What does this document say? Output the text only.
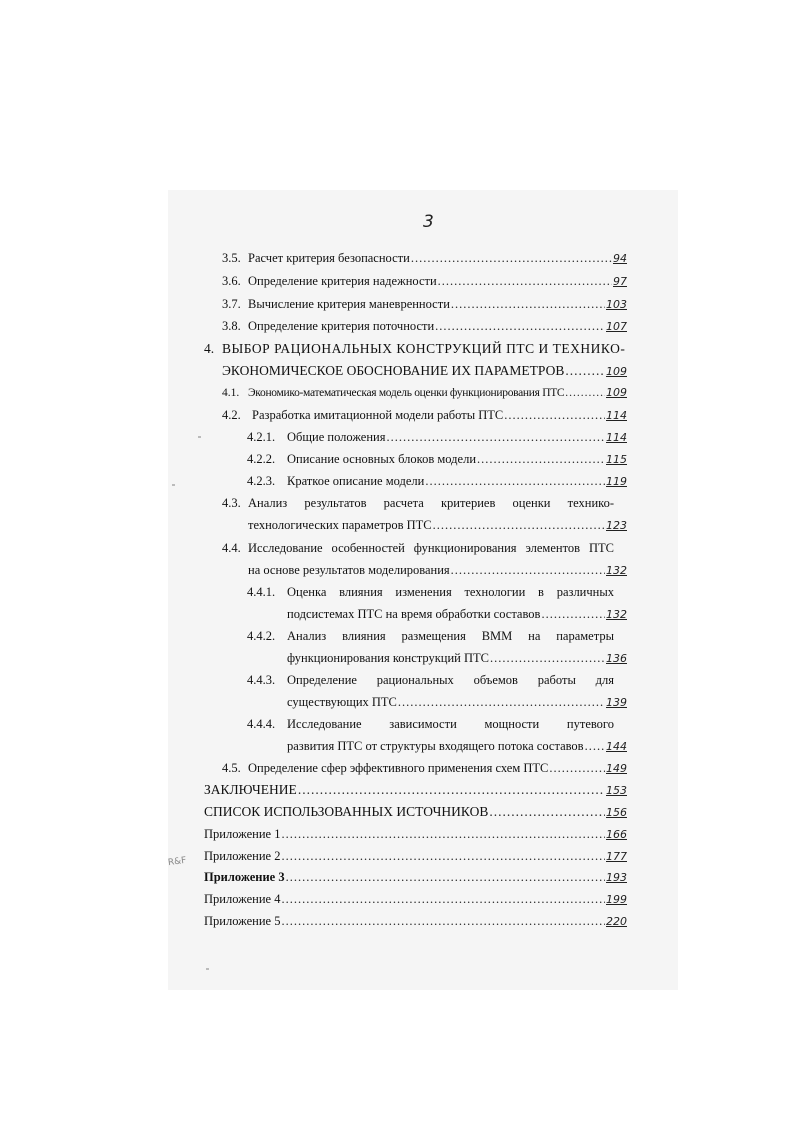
3
3.5. Расчет критерия безопасности .....	94
3.6. Определение критерия надежности .....	97
3.7. Вычисление критерия маневренности .....	103
3.8. Определение критерия поточности .....	107
4. ВЫБОР РАЦИОНАЛЬНЫХ КОНСТРУКЦИЙ ПТС И ТЕХНИКО-
ЭКОНОМИЧЕСКОЕ ОБОСНОВАНИЕ ИХ ПАРАМЕТРОВ .....	109
4.1. Экономико-математическая модель оценки функционирования ПТС .....	109
4.2. Разработка имитационной модели работы ПТС .....	114
4.2.1. Общие положения .....	114
4.2.2. Описание основных блоков модели .....	115
4.2.3. Краткое описание модели .....	119
4.3. Анализ результатов расчета критериев оценки технико-
технологических параметров ПТС .....	123
4.4. Исследование особенностей функционирования элементов ПТС
на основе результатов моделирования .....	132
4.4.1. Оценка влияния изменения технологии в различных
подсистемах ПТС на время обработки составов .....	132
4.4.2. Анализ влияния размещения ВММ на параметры
функционирования конструкций ПТС .....	136
4.4.3. Определение рациональных объемов работы для
существующих ПТС .....	139
4.4.4. Исследование зависимости мощности путевого
развития ПТС от структуры входящего потока составов ..... 144
4.5. Определение сфер эффективного применения схем ПТС .....	149
ЗАКЛЮЧЕНИЕ .....	153
СПИСОК ИСПОЛЬЗОВАННЫХ ИСТОЧНИКОВ .....	156
Приложение 1 .....	166
Приложение 2 .....	177
Приложение 3 .....	193
Приложение 4 .....	199
Приложение 5 .....	220
R&F
